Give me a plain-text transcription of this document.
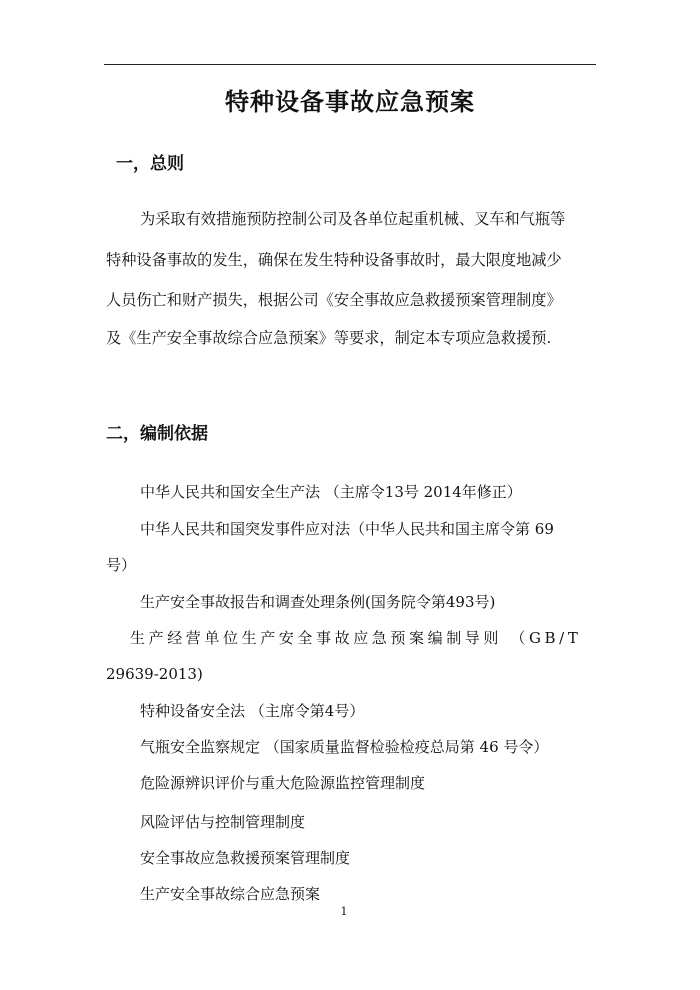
特种设备事故应急预案
一，总则
为采取有效措施预防控制公司及各单位起重机械、叉车和气瓶等
特种设备事故的发生，确保在发生特种设备事故时，最大限度地减少
人员伤亡和财产损失，根据公司《安全事故应急救援预案管理制度》
及《生产安全事故综合应急预案》等要求，制定本专项应急救援预.
二，编制依据
中华人民共和国安全生产法 （主席令13号 2014年修正）
中华人民共和国突发事件应对法（中华人民共和国主席令第 69
号）
生产安全事故报告和调查处理条例(国务院令第493号)
生产经营单位生产安全事故应急预案编制导则 （GB/T
29639-2013)
特种设备安全法 （主席令第4号）
气瓶安全监察规定 （国家质量监督检验检疫总局第 46 号令）
危险源辨识评价与重大危险源监控管理制度
风险评估与控制管理制度
安全事故应急救援预案管理制度
生产安全事故综合应急预案
1
